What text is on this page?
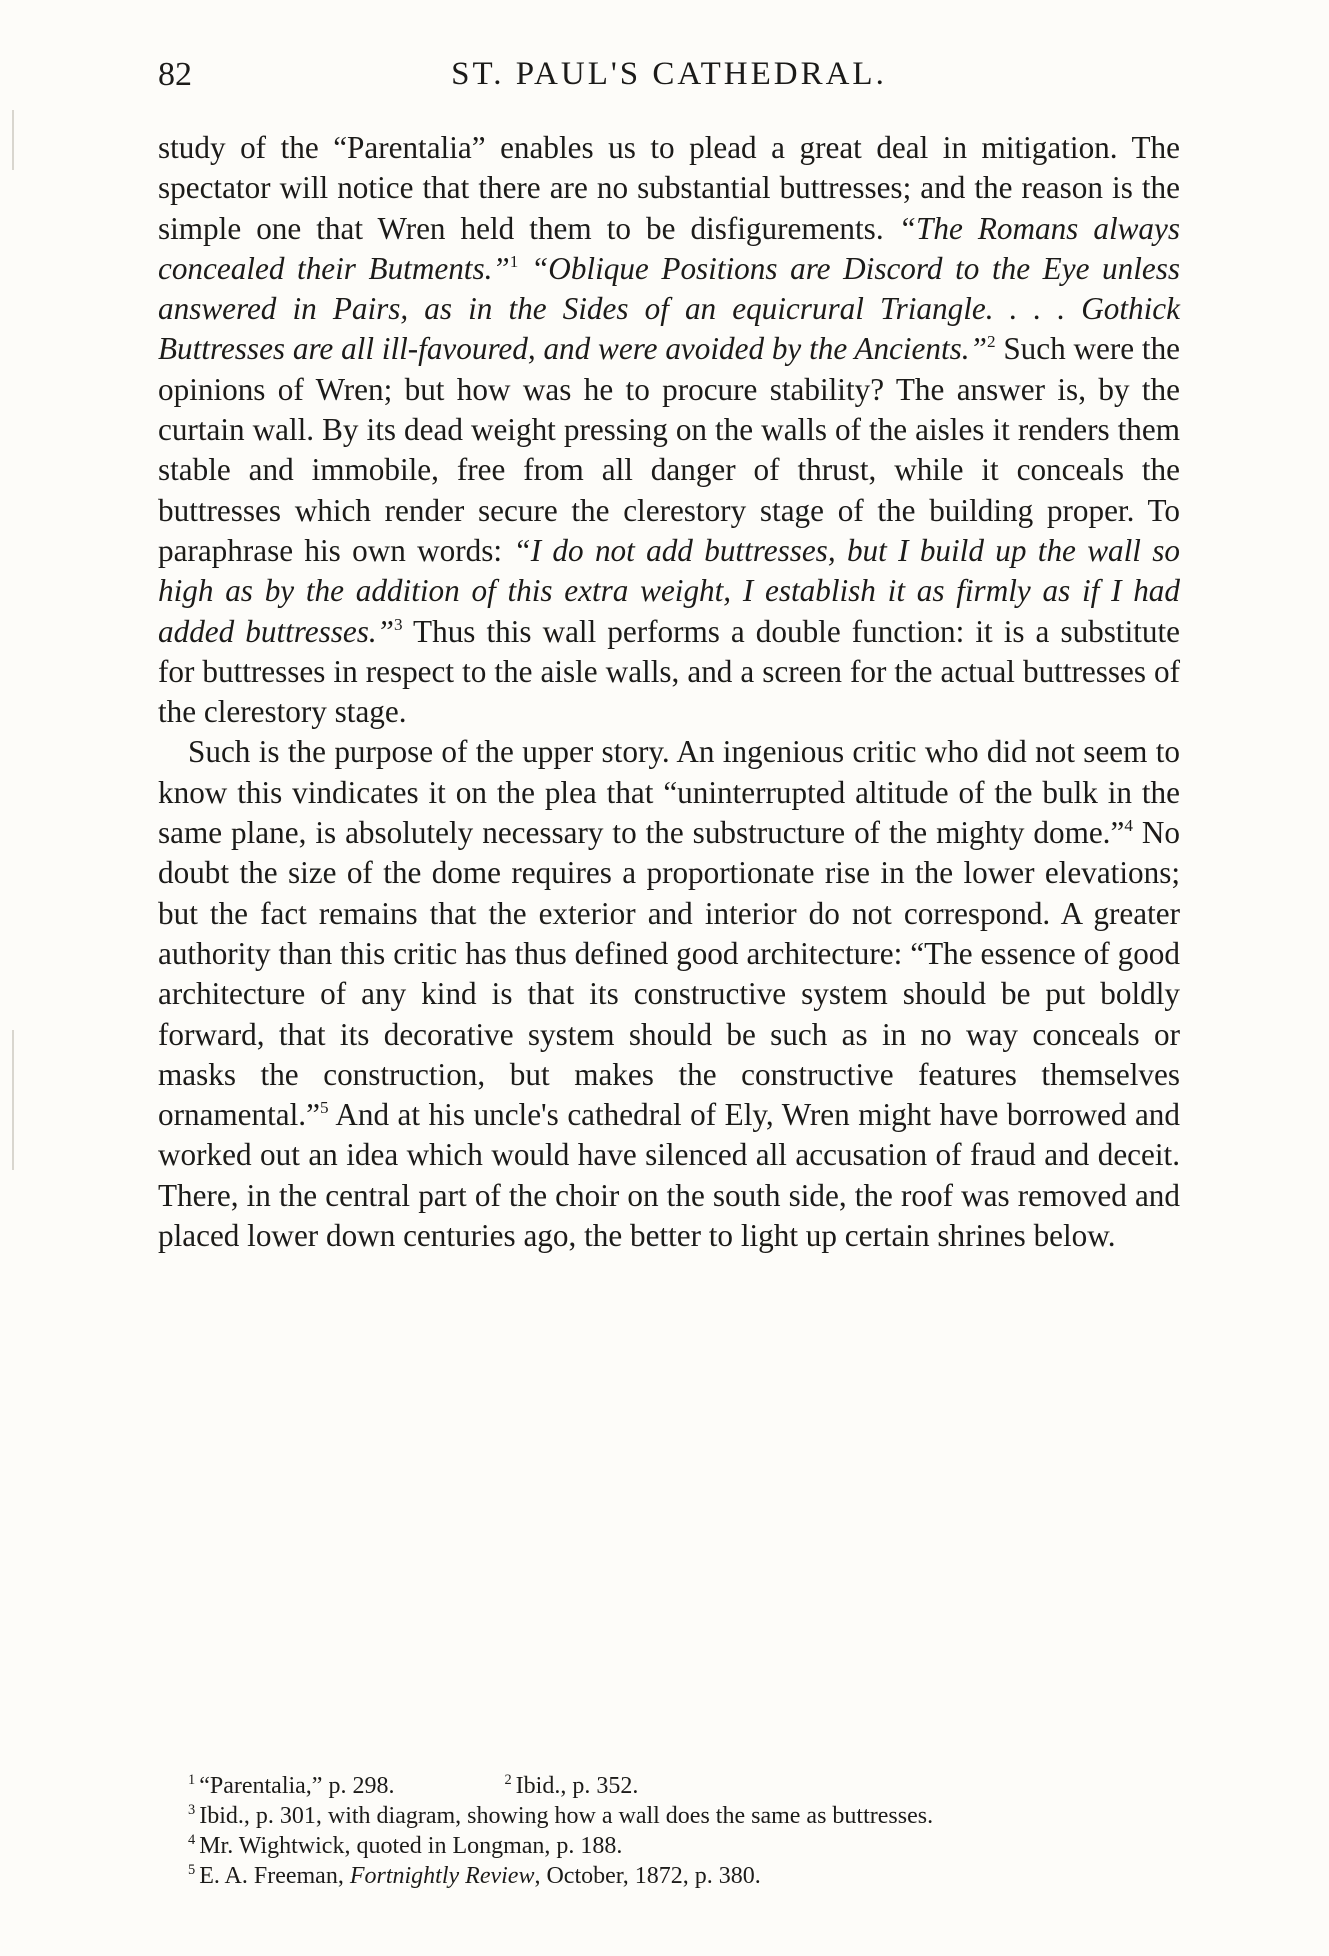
82	ST. PAUL'S CATHEDRAL.

study of the “Parentalia” enables us to plead a great deal in mitigation. The spectator will notice that there are no substantial buttresses; and the reason is the simple one that Wren held them to be disfigurements. “The Romans always concealed their Butments.”$^1$ “Oblique Positions are Discord to the Eye unless answered in Pairs, as in the Sides of an equicrural Triangle. . . . Gothick Buttresses are all ill-favoured, and were avoided by the Ancients.”$^2$ Such were the opinions of Wren; but how was he to procure stability? The answer is, by the curtain wall. By its dead weight pressing on the walls of the aisles it renders them stable and immobile, free from all danger of thrust, while it conceals the buttresses which render secure the clerestory stage of the building proper. To paraphrase his own words: “I do not add buttresses, but I build up the wall so high as by the addition of this extra weight, I establish it as firmly as if I had added buttresses.”$^3$ Thus this wall performs a double function: it is a substitute for buttresses in respect to the aisle walls, and a screen for the actual buttresses of the clerestory stage.

Such is the purpose of the upper story. An ingenious critic who did not seem to know this vindicates it on the plea that “uninterrupted altitude of the bulk in the same plane, is absolutely necessary to the substructure of the mighty dome.”$^4$ No doubt the size of the dome requires a proportionate rise in the lower elevations; but the fact remains that the exterior and interior do not correspond. A greater authority than this critic has thus defined good architecture: “The essence of good architecture of any kind is that its constructive system should be put boldly forward, that its decorative system should be such as in no way conceals or masks the construction, but makes the constructive features themselves ornamental.”$^5$ And at his uncle's cathedral of Ely, Wren might have borrowed and worked out an idea which would have silenced all accusation of fraud and deceit. There, in the central part of the choir on the south side, the roof was removed and placed lower down centuries ago, the better to light up certain shrines below.

$^1$ “Parentalia,” p. 298.	$^2$ Ibid., p. 352.

$^3$ Ibid., p. 301, with diagram, showing how a wall does the same as buttresses.

$^4$ Mr. Wightwick, quoted in Longman, p. 188.

$^5$ E. A. Freeman, Fortnightly Review, October, 1872, p. 380.
